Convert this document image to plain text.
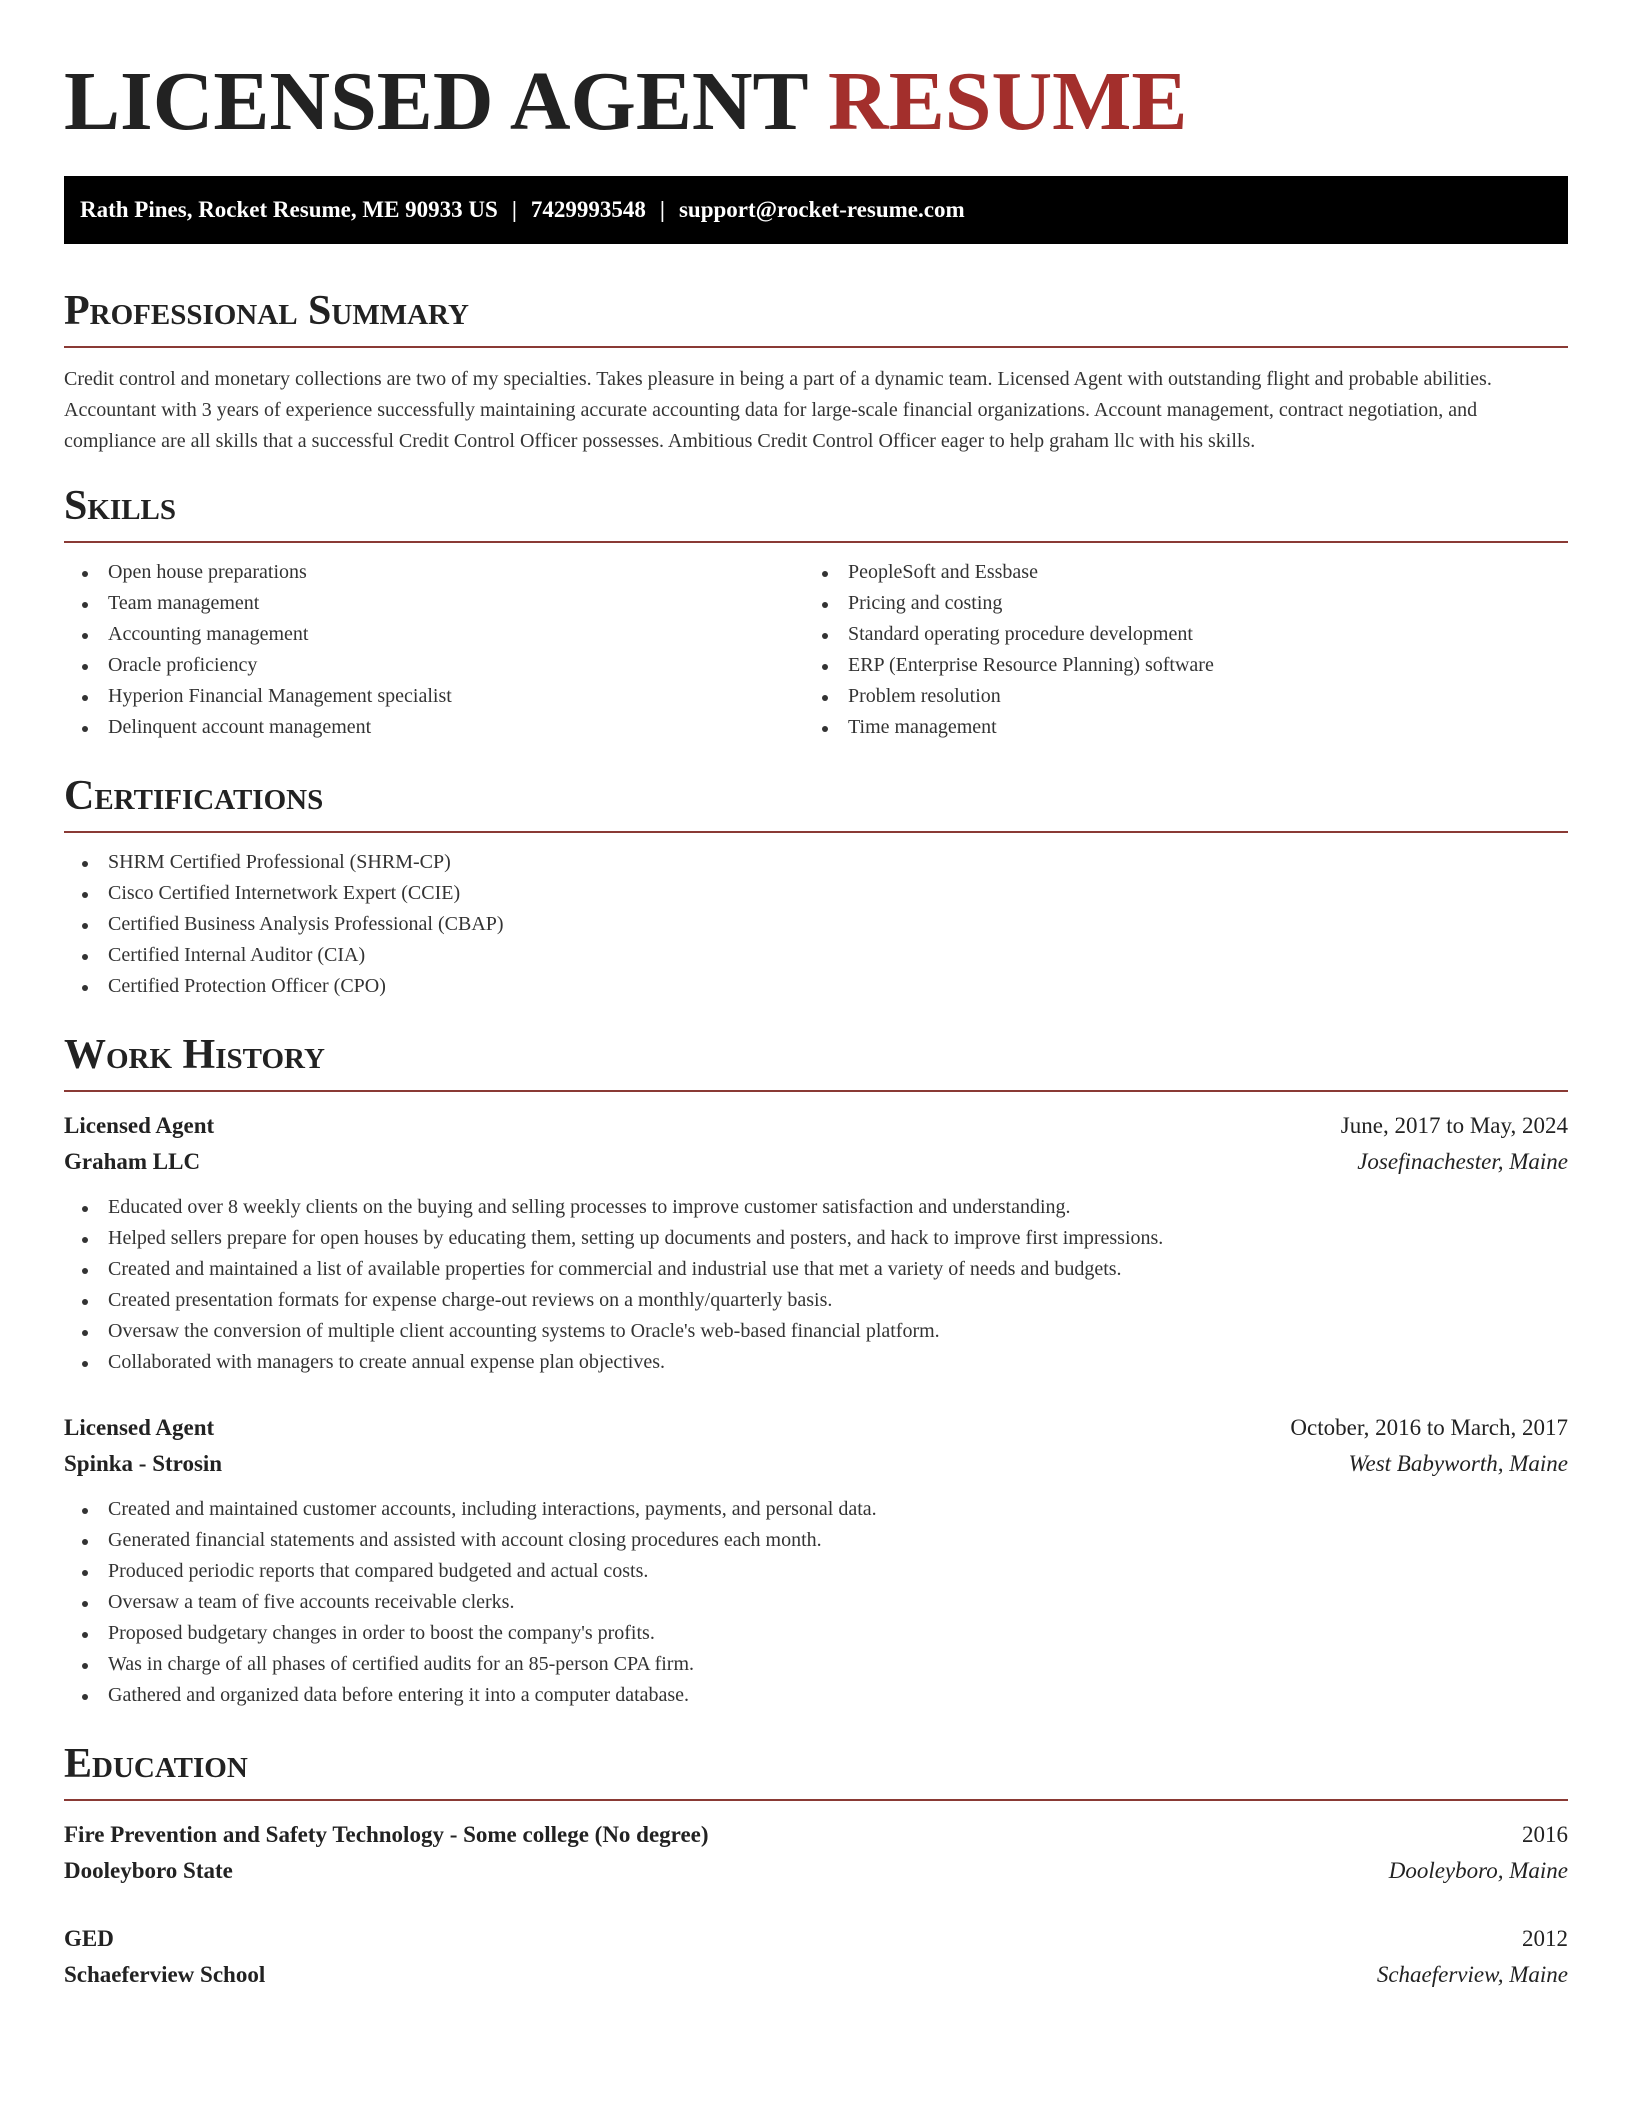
LICENSED AGENT RESUME
Rath Pines, Rocket Resume, ME 90933 US | 7429993548 | support@rocket-resume.com
Professional Summary

Credit control and monetary collections are two of my specialties. Takes pleasure in being a part of a dynamic team. Licensed Agent with outstanding flight and probable abilities. Accountant with 3 years of experience successfully maintaining accurate accounting data for large-scale financial organizations. Account management, contract negotiation, and compliance are all skills that a successful Credit Control Officer possesses. Ambitious Credit Control Officer eager to help graham llc with his skills.

Skills
Open house preparations
Team management
Accounting management
Oracle proficiency
Hyperion Financial Management specialist
Delinquent account management
PeopleSoft and Essbase
Pricing and costing
Standard operating procedure development
ERP (Enterprise Resource Planning) software
Problem resolution
Time management
Certifications
SHRM Certified Professional (SHRM-CP)
Cisco Certified Internetwork Expert (CCIE)
Certified Business Analysis Professional (CBAP)
Certified Internal Auditor (CIA)
Certified Protection Officer (CPO)
Work History
Licensed Agent	June, 2017 to May, 2024
Graham LLC	Josefinachester, Maine
Educated over 8 weekly clients on the buying and selling processes to improve customer satisfaction and understanding.
Helped sellers prepare for open houses by educating them, setting up documents and posters, and hack to improve first impressions.
Created and maintained a list of available properties for commercial and industrial use that met a variety of needs and budgets.
Created presentation formats for expense charge-out reviews on a monthly/quarterly basis.
Oversaw the conversion of multiple client accounting systems to Oracle's web-based financial platform.
Collaborated with managers to create annual expense plan objectives.
Licensed Agent	October, 2016 to March, 2017
Spinka - Strosin	West Babyworth, Maine
Created and maintained customer accounts, including interactions, payments, and personal data.
Generated financial statements and assisted with account closing procedures each month.
Produced periodic reports that compared budgeted and actual costs.
Oversaw a team of five accounts receivable clerks.
Proposed budgetary changes in order to boost the company's profits.
Was in charge of all phases of certified audits for an 85-person CPA firm.
Gathered and organized data before entering it into a computer database.
Education
Fire Prevention and Safety Technology - Some college (No degree)	2016
Dooleyboro State	Dooleyboro, Maine
GED	2012
Schaeferview School	Schaeferview, Maine
